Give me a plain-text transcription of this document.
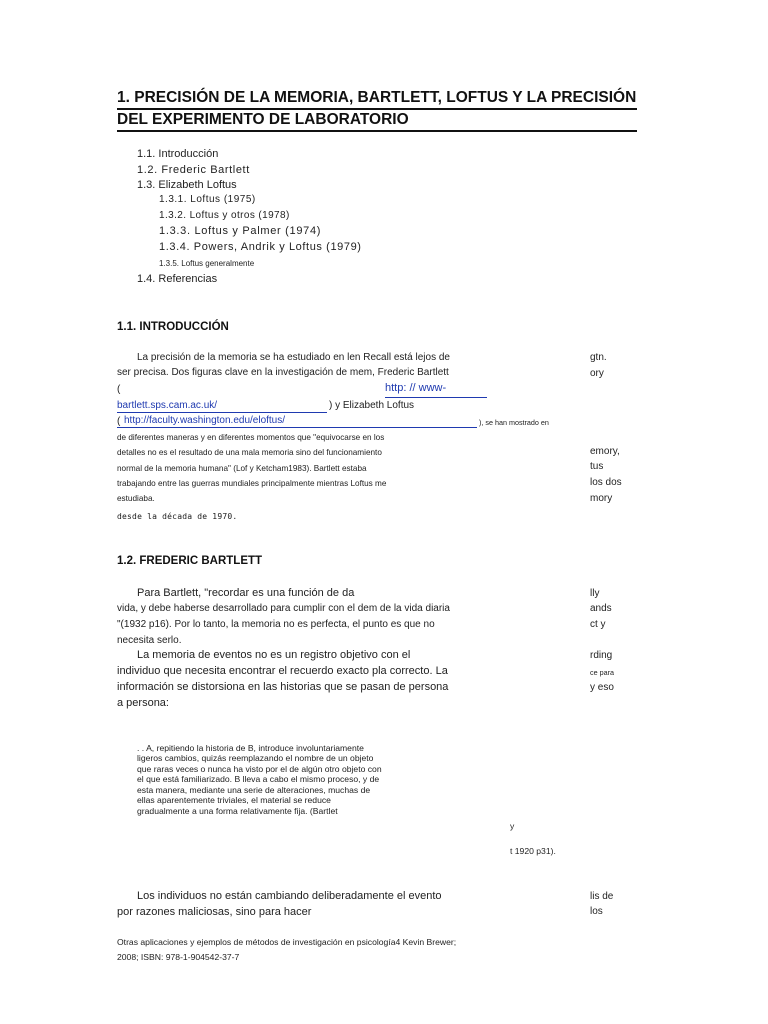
1. PRECISIÓN DE LA MEMORIA, BARTLETT, LOFTUS Y LA PRECISIÓN
DEL EXPERIMENTO DE LABORATORIO
1.1. Introducción
1.2. Frederic Bartlett
1.3. Elizabeth Loftus
1.3.1. Loftus (1975)
1.3.2. Loftus y otros (1978)
1.3.3. Loftus y Palmer (1974)
1.3.4. Powers, Andrik y Loftus (1979)
1.3.5. Loftus generalmente
1.4. Referencias
1.1. INTRODUCCIÓN
La precisión de la memoria se ha estudiado en len Recall está lejos de
ser precisa. Dos figuras clave en la investigación de mem, Frederic Bartlett
(	http: // www-
bartlett.sps.cam.ac.uk/	) y Elizabeth Loftus
( http://faculty.washington.edu/eloftus/	), se han mostrado en
de diferentes maneras y en diferentes momentos que "equivocarse en los
detalles no es el resultado de una mala memoria sino del funcionamiento
normal de la memoria humana" (Lof y Ketcham1983). Bartlett estaba
trabajando entre las guerras mundiales principalmente mientras Loftus me
estudiaba.
desde la década de 1970.
gtn.
ory
emory,
tus
los dos
mory
1.2. FREDERIC BARTLETT
Para Bartlett, "recordar es una función de da
vida, y debe haberse desarrollado para cumplir con el dem de la vida diaria
"(1932 p16). Por lo tanto, la memoria no es perfecta, el punto es que no
necesita serlo.
La memoria de eventos no es un registro objetivo con el
individuo que necesita encontrar el recuerdo exacto pla correcto. La
información se distorsiona en las historias que se pasan de persona
a persona:
lly
ands
ct y
rding
ce para
y eso
. . A, repitiendo la historia de B, introduce involuntariamente
ligeros cambios, quizás reemplazando el nombre de un objeto
que raras veces o nunca ha visto por el de algún otro objeto con
el que está familiarizado. B lleva a cabo el mismo proceso, y de
esta manera, mediante una serie de alteraciones, muchas de
ellas aparentemente triviales, el material se reduce
gradualmente a una forma relativamente fija. (Bartlet
y
t 1920 p31).
Los individuos no están cambiando deliberadamente el evento
por razones maliciosas, sino para hacer
lis de
los
Otras aplicaciones y ejemplos de métodos de investigación en psicología4 Kevin Brewer;
2008; ISBN: 978-1-904542-37-7
